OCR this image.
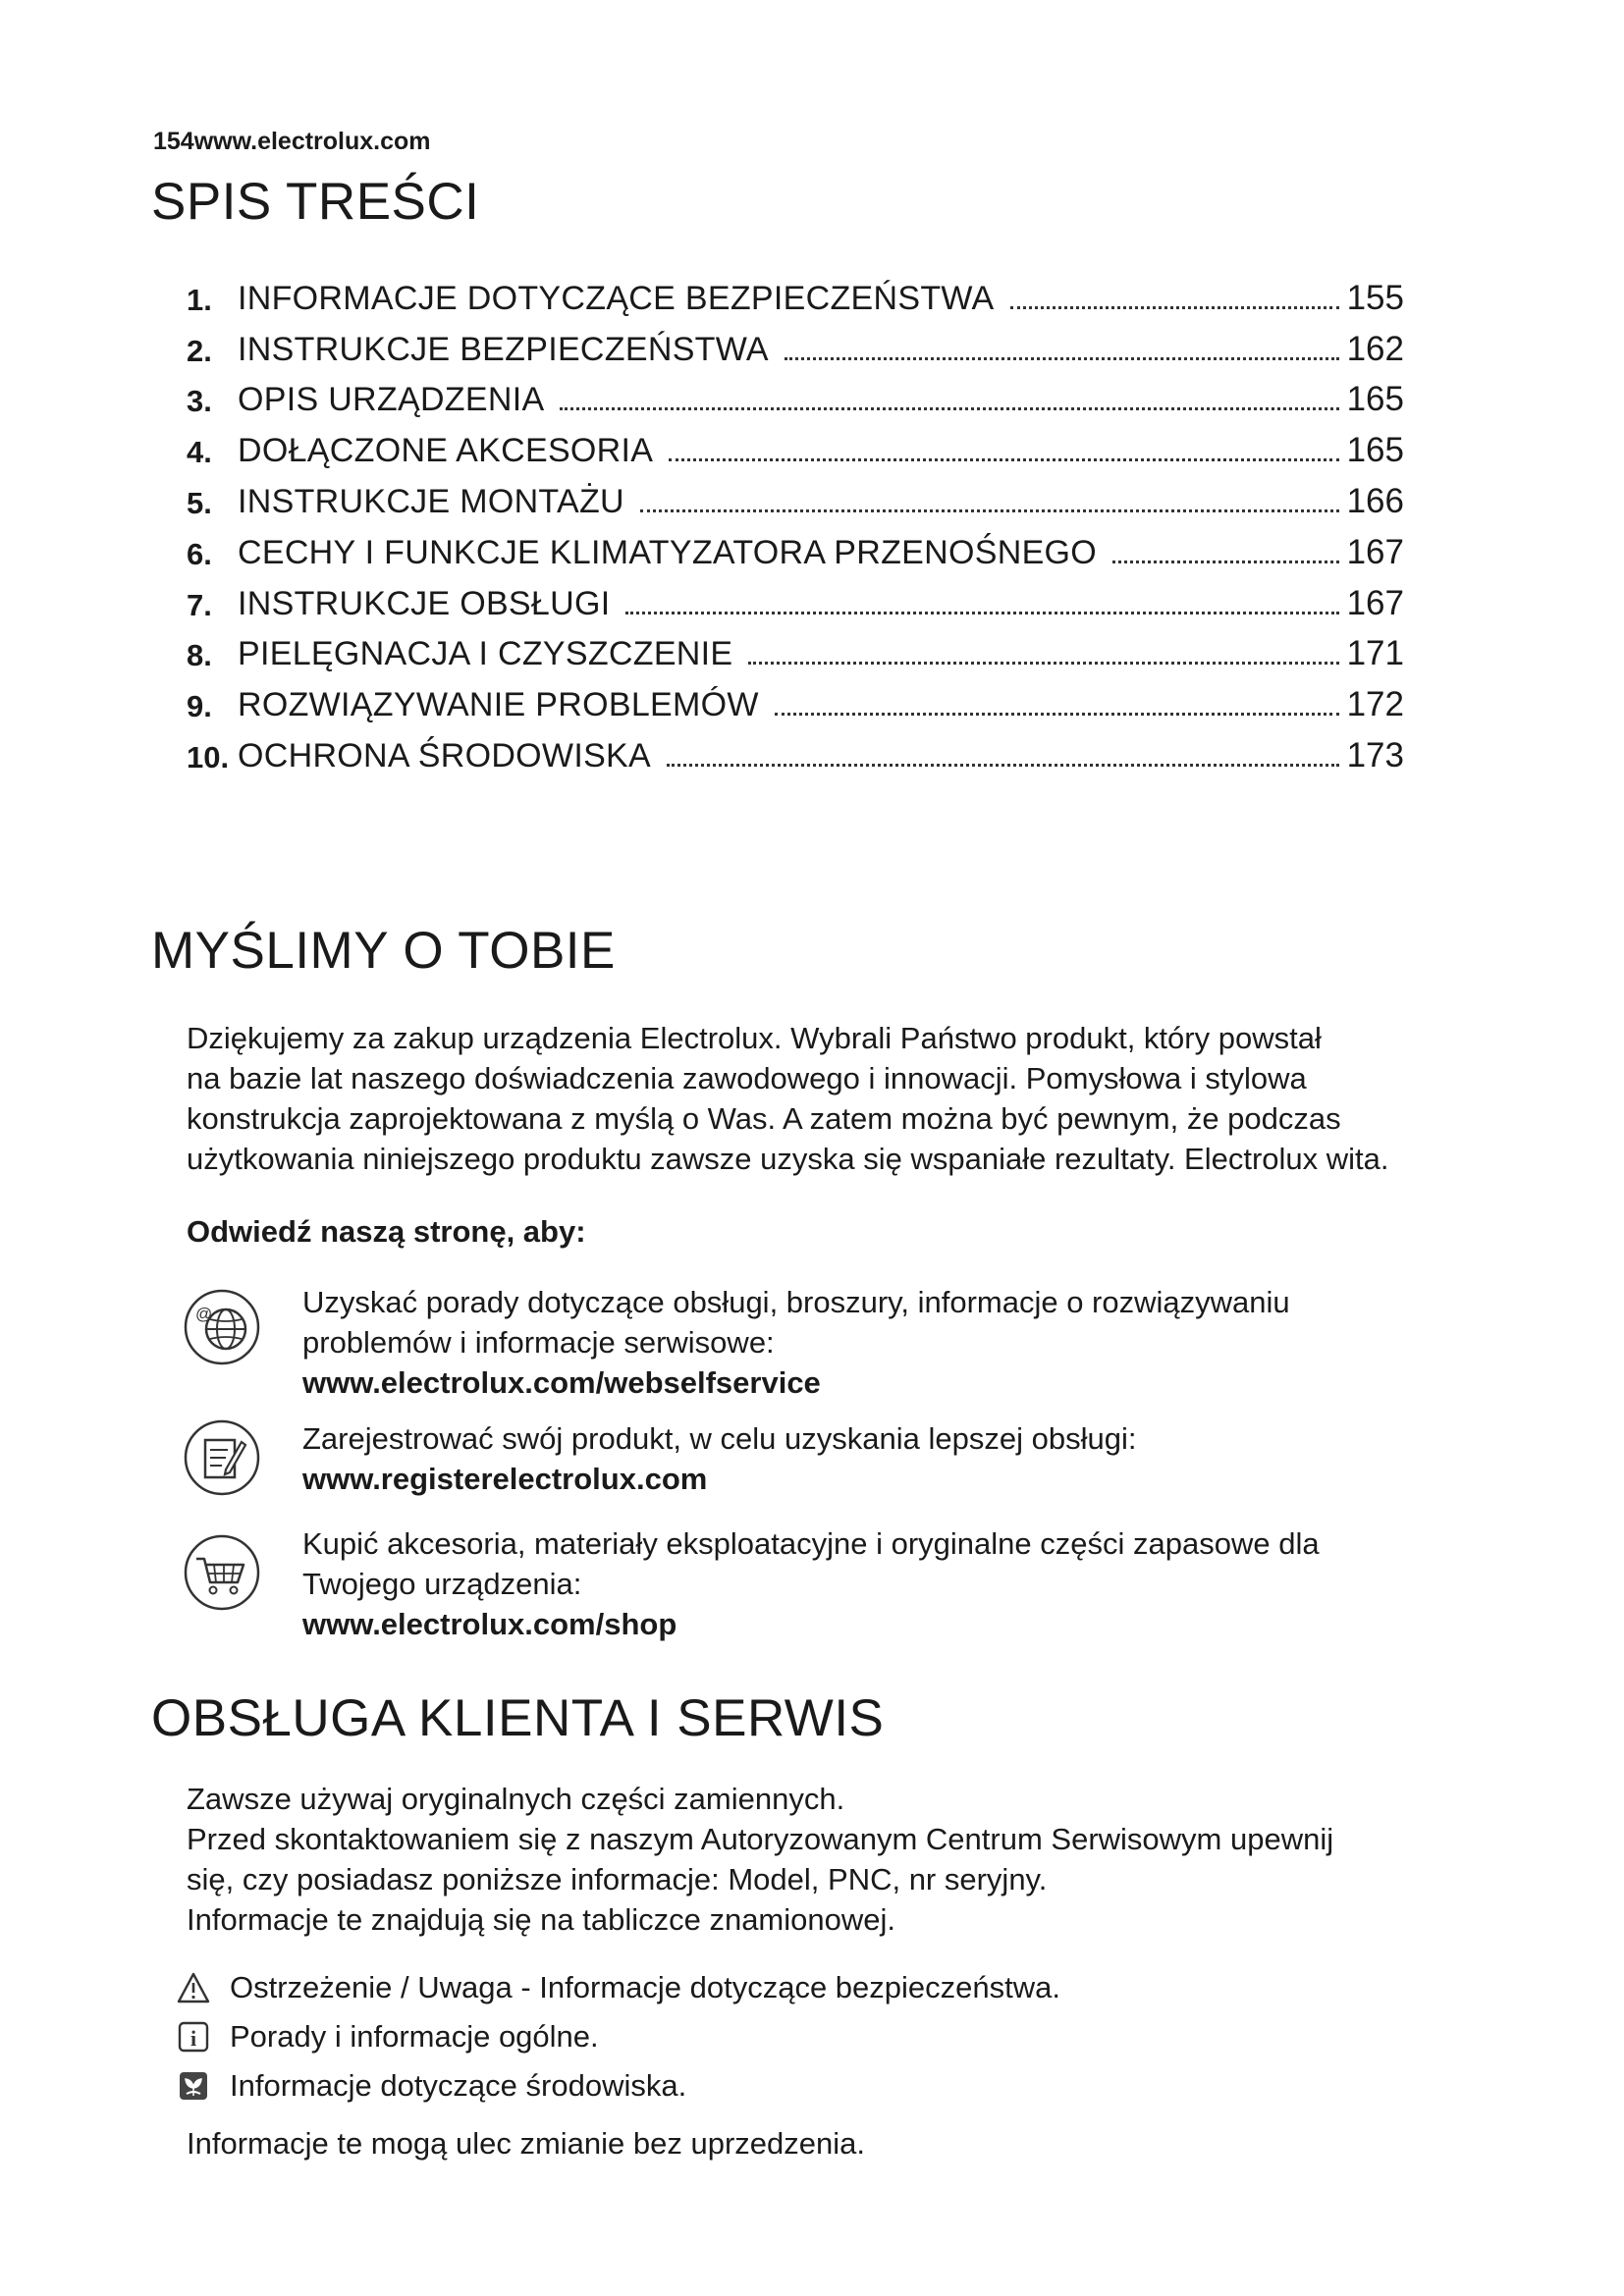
154www.electrolux.com
SPIS TREŚCI
1. INFORMACJE DOTYCZĄCE BEZPIECZEŃSTWA	155
2. INSTRUKCJE BEZPIECZEŃSTWA	162
3. OPIS URZĄDZENIA	165
4. DOŁĄCZONE AKCESORIA	165
5. INSTRUKCJE MONTAŻU	166
6. CECHY I FUNKCJE KLIMATYZATORA PRZENOŚNEGO	167
7. INSTRUKCJE OBSŁUGI	167
8. PIELĘGNACJA I CZYSZCZENIE	171
9. ROZWIĄZYWANIE PROBLEMÓW	172
10. OCHRONA ŚRODOWISKA	173
MYŚLIMY O TOBIE
Dziękujemy za zakup urządzenia Electrolux. Wybrali Państwo produkt, który powstał
na bazie lat naszego doświadczenia zawodowego i innowacji. Pomysłowa i stylowa
konstrukcja zaprojektowana z myślą o Was. A zatem można być pewnym, że podczas
użytkowania niniejszego produktu zawsze uzyska się wspaniałe rezultaty. Electrolux wita.
Odwiedź naszą stronę, aby:
@	Uzyskać porady dotyczące obsługi, broszury, informacje o rozwiązywaniu
problemów i informacje serwisowe:
www.electrolux.com/webselfservice
Zarejestrować swój produkt, w celu uzyskania lepszej obsługi:
www.registerelectrolux.com
Kupić akcesoria, materiały eksploatacyjne i oryginalne części zapasowe dla
Twojego urządzenia:
www.electrolux.com/shop
OBSŁUGA KLIENTA I SERWIS
Zawsze używaj oryginalnych części zamiennych.
Przed skontaktowaniem się z naszym Autoryzowanym Centrum Serwisowym upewnij
się, czy posiadasz poniższe informacje: Model, PNC, nr seryjny.
Informacje te znajdują się na tabliczce znamionowej.
Ostrzeżenie / Uwaga - Informacje dotyczące bezpieczeństwa.
i Porady i informacje ogólne.
Informacje dotyczące środowiska.
Informacje te mogą ulec zmianie bez uprzedzenia.
